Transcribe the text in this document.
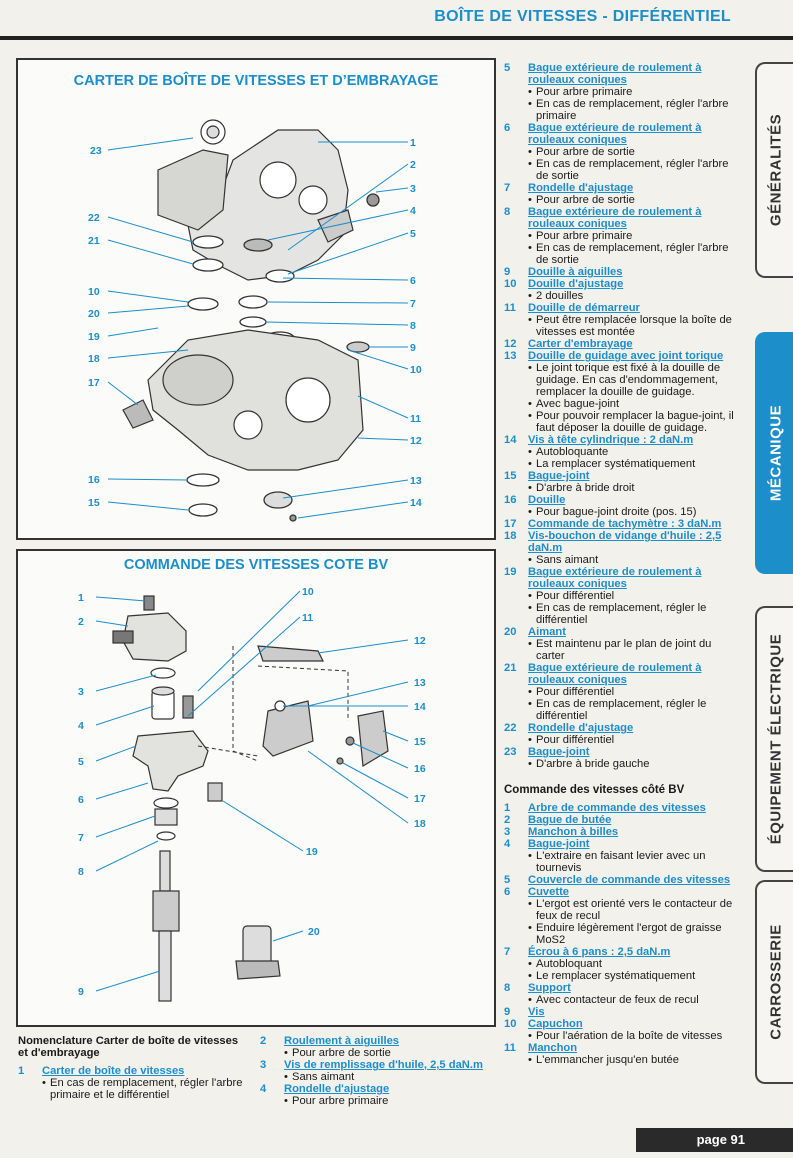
BOÎTE DE VITESSES - DIFFÉRENTIEL
CARTER DE BOÎTE DE VITESSES ET D’EMBRAYAGE
1
2
3
4
5
6
7
8
9
10
11
12
13
14
15
16
17
18
19
20
10
21
22
23
COMMANDE DES VITESSES COTE BV
1
2
3
4
5
6
7
8
9
10
11
12
13
14
15
16
17
18
19
20
5	Bague extérieure de roulement à rouleaux coniques
• Pour arbre primaire
• En cas de remplacement, régler l'arbre primaire
6	Bague extérieure de roulement à rouleaux coniques
• Pour arbre de sortie
• En cas de remplacement, régler l'arbre de sortie
7	Rondelle d'ajustage
• Pour arbre de sortie
8	Bague extérieure de roulement à rouleaux coniques
• Pour arbre primaire
• En cas de remplacement, régler l'arbre de sortie
9	Douille à aiguilles
10	Douille d'ajustage
• 2 douilles
11	Douille de démarreur
• Peut être remplacée lorsque la boîte de vitesses est montée
12	Carter d'embrayage
13	Douille de guidage avec joint torique
• Le joint torique est fixé à la douille de guidage. En cas d'endommagement, remplacer la douille de guidage.
• Avec bague-joint
• Pour pouvoir remplacer la bague-joint, il faut déposer la douille de guidage.
14	Vis à tête cylindrique : 2 daN.m
• Autobloquante
• La remplacer systématiquement
15	Bague-joint
• D'arbre à bride droit
16	Douille
• Pour bague-joint droite (pos. 15)
17	Commande de tachymètre : 3 daN.m
18	Vis-bouchon de vidange d'huile : 2,5 daN.m
• Sans aimant
19	Bague extérieure de roulement à rouleaux coniques
• Pour différentiel
• En cas de remplacement, régler le différentiel
20	Aimant
• Est maintenu par le plan de joint du carter
21	Bague extérieure de roulement à rouleaux coniques
• Pour différentiel
• En cas de remplacement, régler le différentiel
22	Rondelle d'ajustage
• Pour différentiel
23	Bague-joint
• D'arbre à bride gauche
Commande des vitesses côté BV
1	Arbre de commande des vitesses
2	Bague de butée
3	Manchon à billes
4	Bague-joint
• L'extraire en faisant levier avec un tournevis
5	Couvercle de commande des vitesses
6	Cuvette
• L'ergot est orienté vers le contacteur de feux de recul
• Enduire légèrement l'ergot de graisse MoS2
7	Écrou à 6 pans : 2,5 daN.m
• Autobloquant
• Le remplacer systématiquement
8	Support
• Avec contacteur de feux de recul
9	Vis
10	Capuchon
• Pour l'aération de la boîte de vitesses
11	Manchon
• L'emmancher jusqu'en butée
Nomenclature Carter de boîte de vitesses et d'embrayage
1	Carter de boîte de vitesses
• En cas de remplacement, régler l'arbre primaire et le différentiel
2	Roulement à aiguilles
• Pour arbre de sortie
3	Vis de remplissage d'huile, 2,5 daN.m
• Sans aimant
4	Rondelle d'ajustage
• Pour arbre primaire
GÉNÉRALITÉS
MÉCANIQUE
ÉQUIPEMENT ÉLECTRIQUE
CARROSSERIE
page 91
